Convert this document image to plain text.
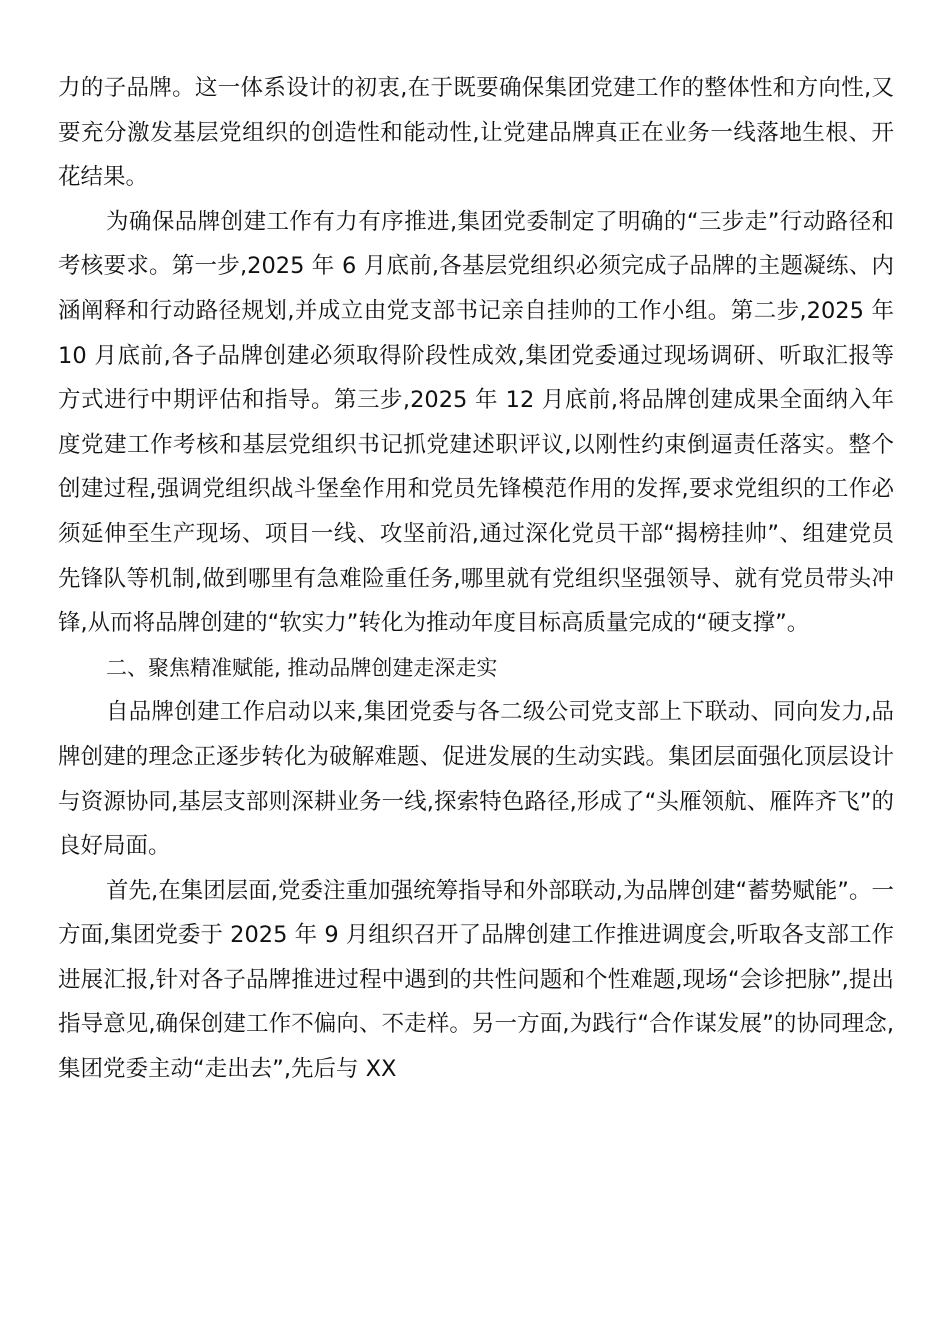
力的子品牌。这一体系设计的初衷,在于既要确保集团党建工作的整体性和方向性,又要充分激发基层党组织的创造性和能动性,让党建品牌真正在业务一线落地生根、开花结果。

为确保品牌创建工作有力有序推进,集团党委制定了明确的“三步走”行动路径和考核要求。第一步,2025 年 6 月底前,各基层党组织必须完成子品牌的主题凝练、内涵阐释和行动路径规划,并成立由党支部书记亲自挂帅的工作小组。第二步,2025 年 10 月底前,各子品牌创建必须取得阶段性成效,集团党委通过现场调研、听取汇报等方式进行中期评估和指导。第三步,2025 年 12 月底前,将品牌创建成果全面纳入年度党建工作考核和基层党组织书记抓党建述职评议,以刚性约束倒逼责任落实。整个创建过程,强调党组织战斗堡垒作用和党员先锋模范作用的发挥,要求党组织的工作必须延伸至生产现场、项目一线、攻坚前沿,通过深化党员干部“揭榜挂帅”、组建党员先锋队等机制,做到哪里有急难险重任务,哪里就有党组织坚强领导、就有党员带头冲锋,从而将品牌创建的“软实力”转化为推动年度目标高质量完成的“硬支撑”。

二、聚焦精准赋能, 推动品牌创建走深走实

自品牌创建工作启动以来,集团党委与各二级公司党支部上下联动、同向发力,品牌创建的理念正逐步转化为破解难题、促进发展的生动实践。集团层面强化顶层设计与资源协同,基层支部则深耕业务一线,探索特色路径,形成了“头雁领航、雁阵齐飞”的良好局面。

首先,在集团层面,党委注重加强统筹指导和外部联动,为品牌创建“蓄势赋能”。一方面,集团党委于 2025 年 9 月组织召开了品牌创建工作推进调度会,听取各支部工作进展汇报,针对各子品牌推进过程中遇到的共性问题和个性难题,现场“会诊把脉”,提出指导意见,确保创建工作不偏向、不走样。另一方面,为践行“合作谋发展”的协同理念,集团党委主动“走出去”,先后与 XX
